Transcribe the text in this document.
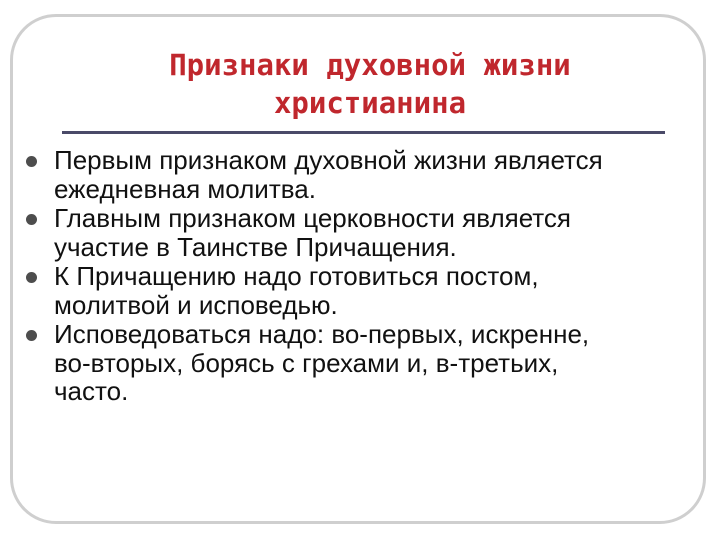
Признаки духовной жизни
христианина
Первым признаком духовной жизни является
ежедневная молитва.
Главным признаком церковности является
участие в Таинстве Причащения.
К Причащению надо готовиться постом,
молитвой и исповедью.
Исповедоваться надо: во-первых, искренне,
во-вторых, борясь с грехами и, в-третьих,
часто.
